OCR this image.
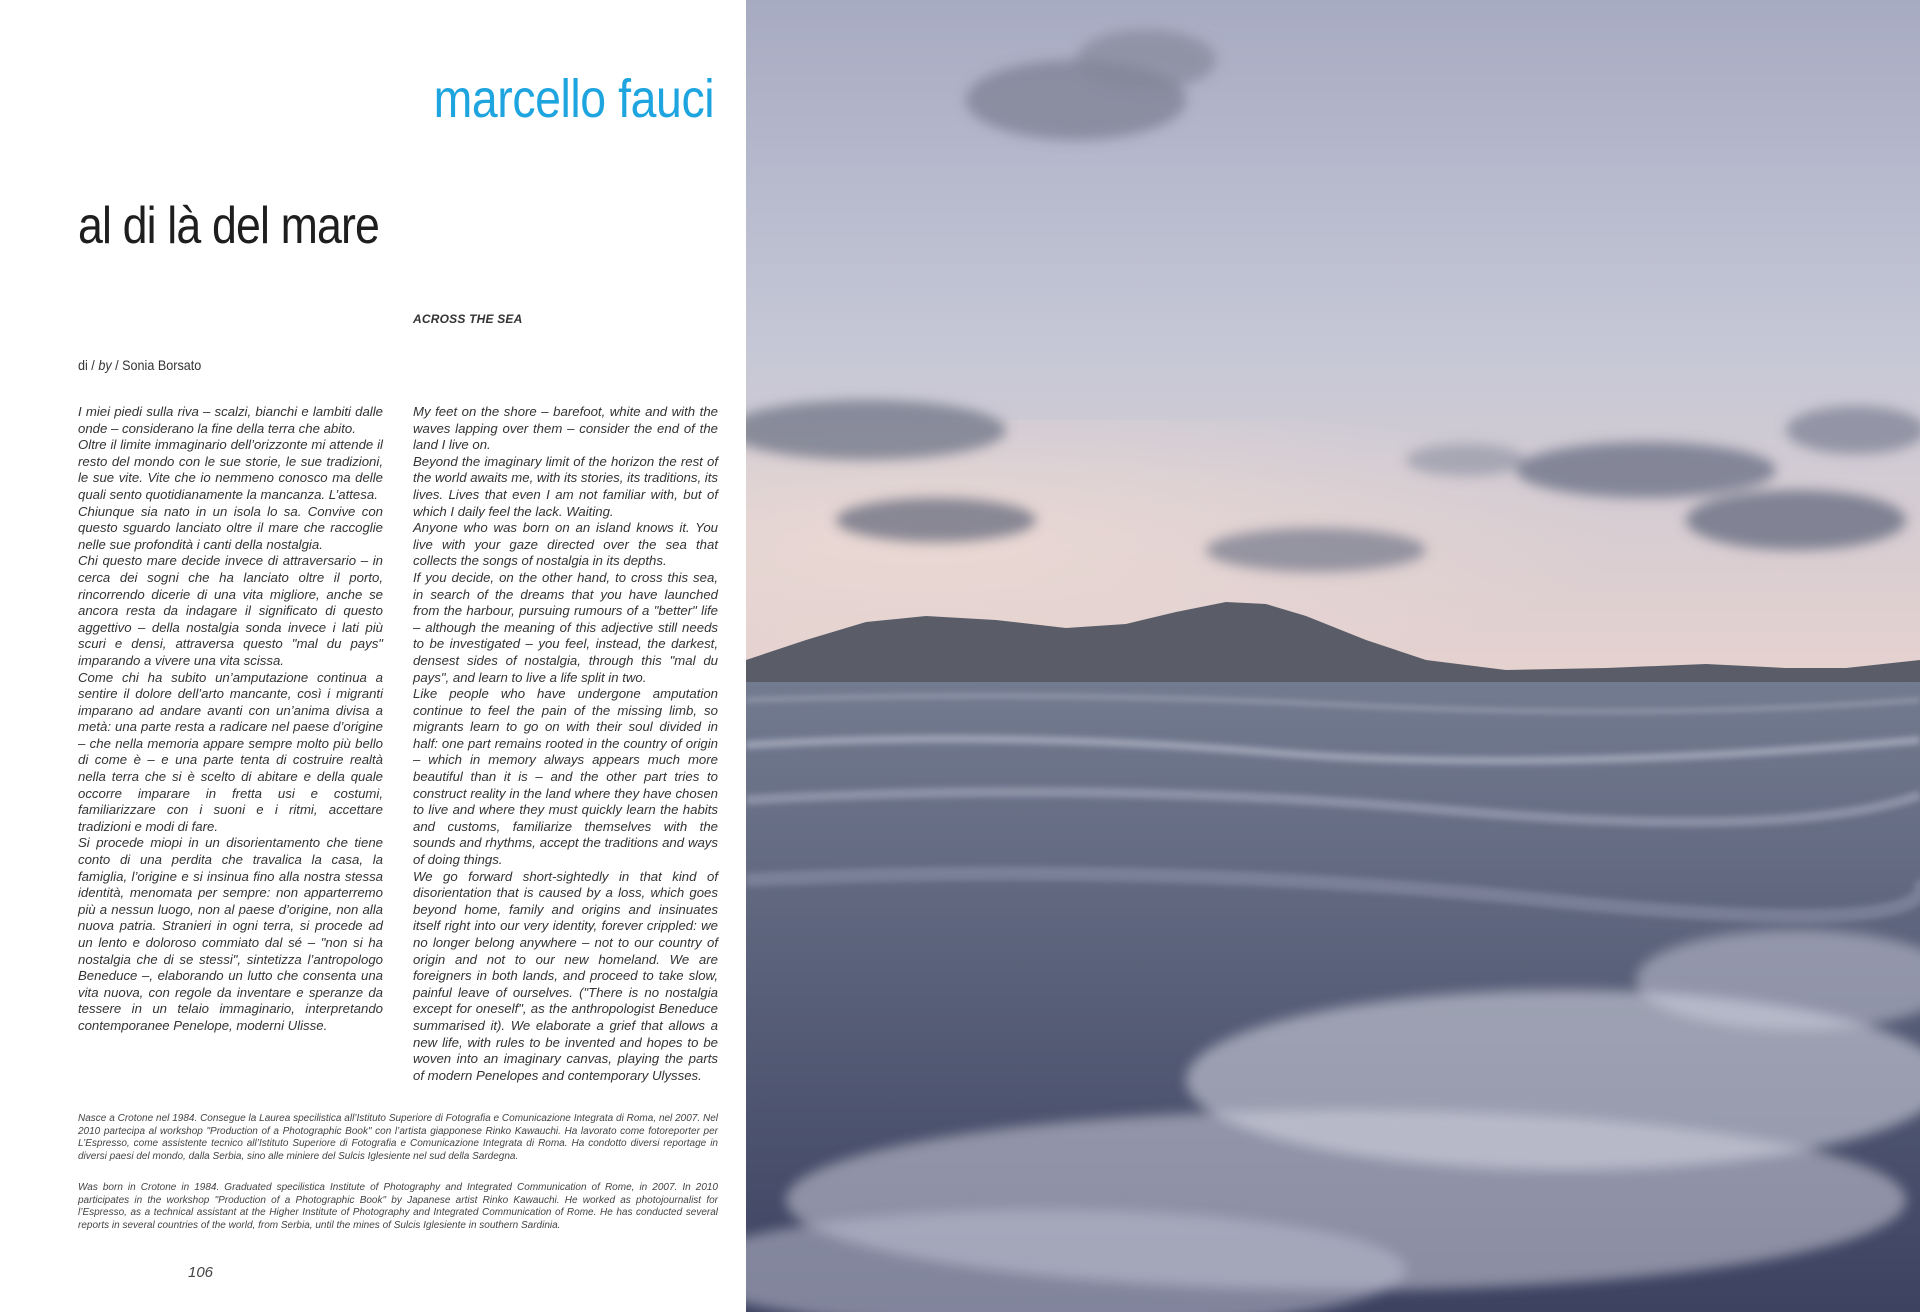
marcello fauci
al di là del mare
ACROSS THE SEA
di / by / Sonia Borsato

I miei piedi sulla riva – scalzi, bianchi e lambiti dalle onde – considerano la fine della terra che abito.

Oltre il limite immaginario dell’orizzonte mi attende il resto del mondo con le sue storie, le sue tradizioni, le sue vite. Vite che io nemmeno conosco ma delle quali sento quotidianamente la mancanza. L’attesa.

Chiunque sia nato in un isola lo sa. Convive con questo sguardo lanciato oltre il mare che raccoglie nelle sue profondità i canti della nostalgia.

Chi questo mare decide invece di attraversario – in cerca dei sogni che ha lanciato oltre il porto, rincorrendo dicerie di una vita migliore, anche se ancora resta da indagare il significato di questo aggettivo – della nostalgia sonda invece i lati più scuri e densi, attraversa questo "mal du pays" imparando a vivere una vita scissa.

Come chi ha subito un’amputazione continua a sentire il dolore dell’arto mancante, così i migranti imparano ad andare avanti con un’anima divisa a metà: una parte resta a radicare nel paese d’origine – che nella memoria appare sempre molto più bello di come è – e una parte tenta di costruire realtà nella terra che si è scelto di abitare e della quale occorre imparare in fretta usi e costumi, familiarizzare con i suoni e i ritmi, accettare tradizioni e modi di fare.

Si procede miopi in un disorientamento che tiene conto di una perdita che travalica la casa, la famiglia, l’origine e si insinua fino alla nostra stessa identità, menomata per sempre: non apparterremo più a nessun luogo, non al paese d’origine, non alla nuova patria. Stranieri in ogni terra, si procede ad un lento e doloroso commiato dal sé – "non si ha nostalgia che di se stessi", sintetizza l’antropologo Beneduce –, elaborando un lutto che consenta una vita nuova, con regole da inventare e speranze da tessere in un telaio immaginario, interpretando contemporanee Penelope, moderni Ulisse.

My feet on the shore – barefoot, white and with the waves lapping over them – consider the end of the land I live on.

Beyond the imaginary limit of the horizon the rest of the world awaits me, with its stories, its traditions, its lives. Lives that even I am not familiar with, but of which I daily feel the lack. Waiting.

Anyone who was born on an island knows it. You live with your gaze directed over the sea that collects the songs of nostalgia in its depths.

If you decide, on the other hand, to cross this sea, in search of the dreams that you have launched from the harbour, pursuing rumours of a "better" life – although the meaning of this adjective still needs to be investigated – you feel, instead, the darkest, densest sides of nostalgia, through this "mal du pays", and learn to live a life split in two.

Like people who have undergone amputation continue to feel the pain of the missing limb, so migrants learn to go on with their soul divided in half: one part remains rooted in the country of origin – which in memory always appears much more beautiful than it is – and the other part tries to construct reality in the land where they have chosen to live and where they must quickly learn the habits and customs, familiarize themselves with the sounds and rhythms, accept the traditions and ways of doing things.

We go forward short-sightedly in that kind of disorientation that is caused by a loss, which goes beyond home, family and origins and insinuates itself right into our very identity, forever crippled: we no longer belong anywhere – not to our country of origin and not to our new homeland. We are foreigners in both lands, and proceed to take slow, painful leave of ourselves. ("There is no nostalgia except for oneself", as the anthropologist Beneduce summarised it). We elaborate a grief that allows a new life, with rules to be invented and hopes to be woven into an imaginary canvas, playing the parts of modern Penelopes and contemporary Ulysses.

Nasce a Crotone nel 1984. Consegue la Laurea specilistica all’Istituto Superiore di Fotografia e Comunicazione Integrata di Roma, nel 2007. Nel 2010 partecipa al workshop "Production of a Photographic Book" con l’artista giapponese Rinko Kawauchi. Ha lavorato come fotoreporter per L’Espresso, come assistente tecnico all’Istituto Superiore di Fotografia e Comunicazione Integrata di Roma. Ha condotto diversi reportage in diversi paesi del mondo, dalla Serbia, sino alle miniere del Sulcis Iglesiente nel sud della Sardegna.

Was born in Crotone in 1984. Graduated specilistica Institute of Photography and Integrated Communication of Rome, in 2007. In 2010 participates in the workshop "Production of a Photographic Book" by Japanese artist Rinko Kawauchi. He worked as photojournalist for l’Espresso, as a technical assistant at the Higher Institute of Photography and Integrated Communication of Rome. He has conducted several reports in several countries of the world, from Serbia, until the mines of Sulcis Iglesiente in southern Sardinia.

106
